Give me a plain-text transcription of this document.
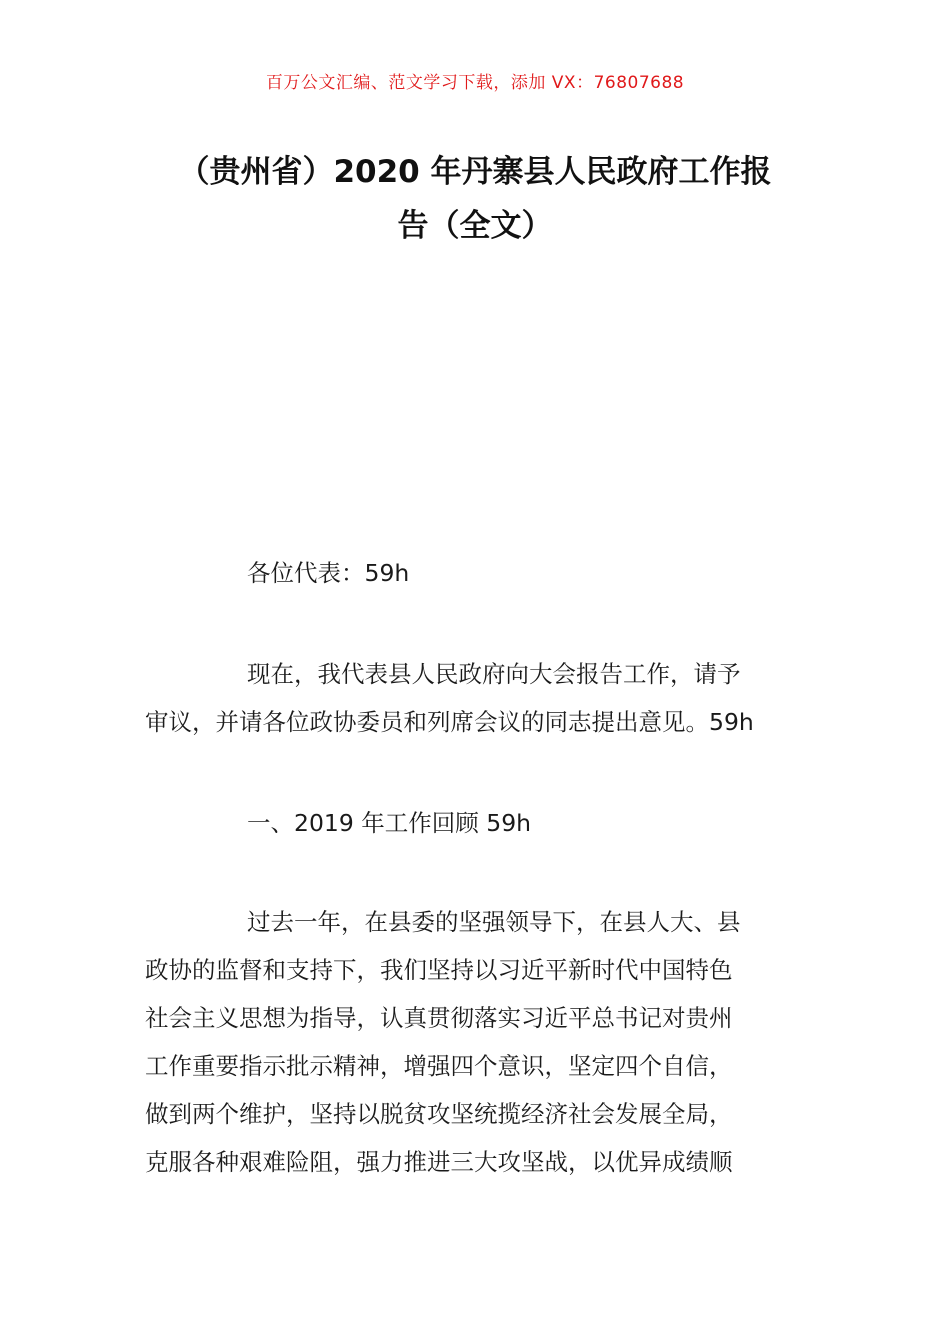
百万公文汇编、范文学习下载，添加 VX：76807688
（贵州省）2020 年丹寨县人民政府工作报
告（全文）
各位代表：59h
现在，我代表县人民政府向大会报告工作，请予
审议，并请各位政协委员和列席会议的同志提出意见。59h
一、2019 年工作回顾 59h
过去一年，在县委的坚强领导下，在县人大、县
政协的监督和支持下，我们坚持以习近平新时代中国特色
社会主义思想为指导，认真贯彻落实习近平总书记对贵州
工作重要指示批示精神，增强四个意识，坚定四个自信，
做到两个维护，坚持以脱贫攻坚统揽经济社会发展全局，
克服各种艰难险阻，强力推进三大攻坚战，以优异成绩顺
